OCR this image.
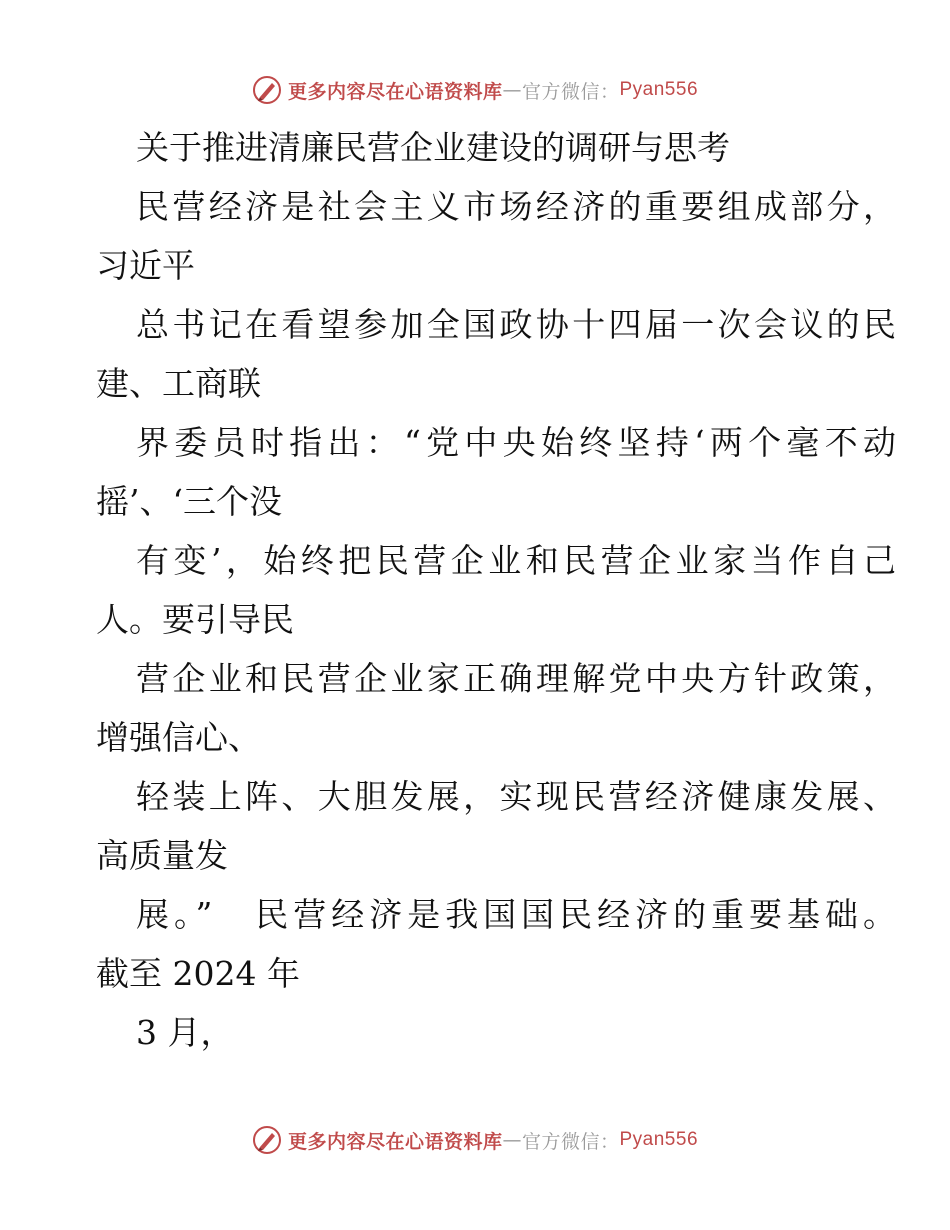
更多内容尽在心语资料库 — 官方微信： Pyan556
关于推进清廉民营企业建设的调研与思考
民营经济是社会主义市场经济的重要组成部分，
习近平
总书记在看望参加全国政协十四届一次会议的民
建、工商联
界委员时指出：“党中央始终坚持‘两个毫不动
摇’、‘三个没
有变’，始终把民营企业和民营企业家当作自己
人。要引导民
营企业和民营企业家正确理解党中央方针政策，
增强信心、
轻装上阵、大胆发展，实现民营经济健康发展、
高质量发
展。”　民营经济是我国国民经济的重要基础。
截至 2024 年
3 月，
更多内容尽在心语资料库 — 官方微信： Pyan556
